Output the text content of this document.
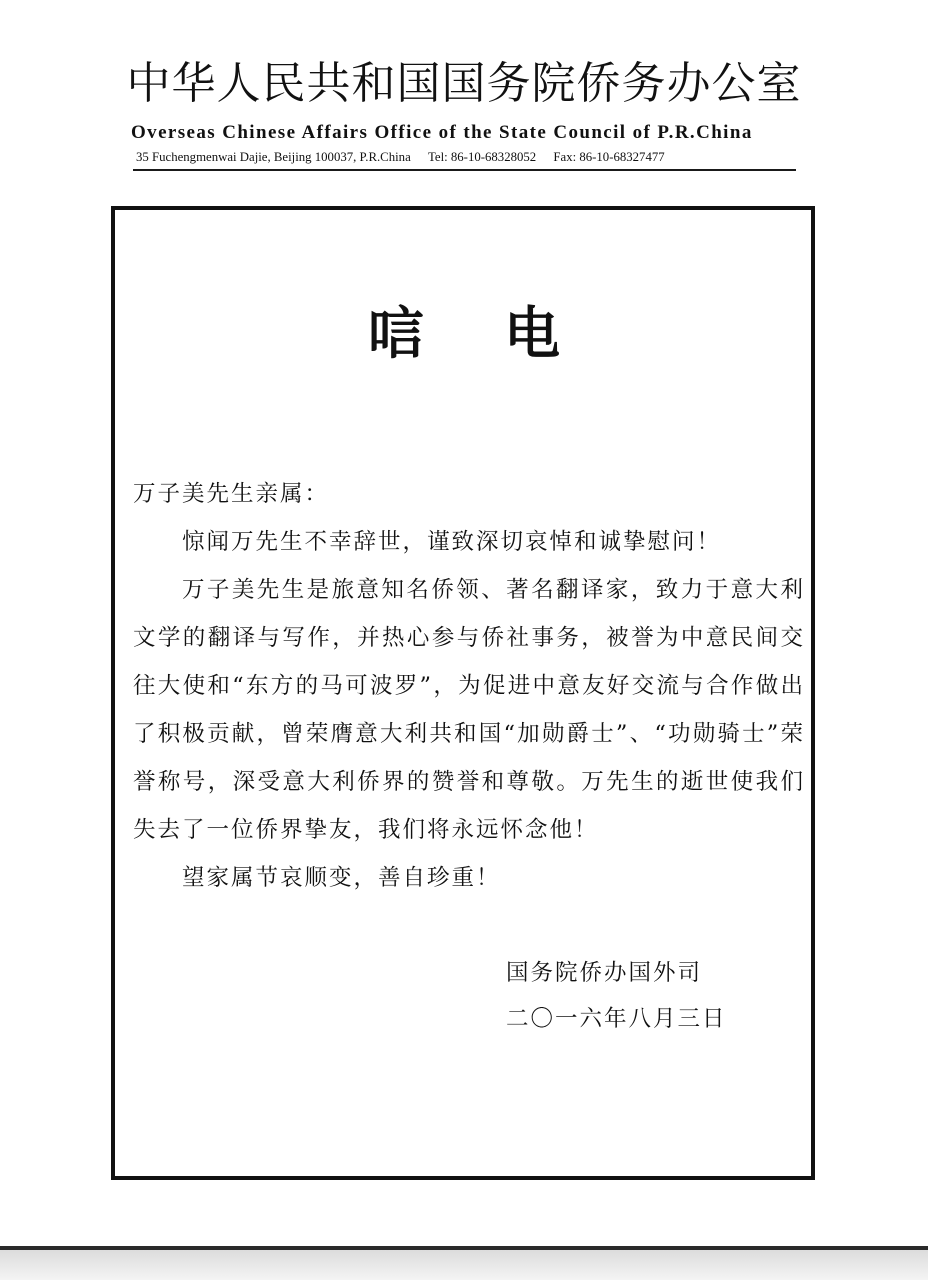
中华人民共和国国务院侨务办公室
Overseas Chinese Affairs Office of the State Council of P.R.China
35 Fuchengmenwai Dajie, Beijing 100037, P.R.China Tel: 86-10-68328052 Fax: 86-10-68327477
唁电

万子美先生亲属：

惊闻万先生不幸辞世，谨致深切哀悼和诚挚慰问！

万子美先生是旅意知名侨领、著名翻译家，致力于意大利文学的翻译与写作，并热心参与侨社事务，被誉为中意民间交往大使和“东方的马可波罗”，为促进中意友好交流与合作做出了积极贡献，曾荣膺意大利共和国“加勋爵士”、“功勋骑士”荣誉称号，深受意大利侨界的赞誉和尊敬。万先生的逝世使我们失去了一位侨界挚友，我们将永远怀念他！

望家属节哀顺变，善自珍重！

国务院侨办国外司
二〇一六年八月三日
